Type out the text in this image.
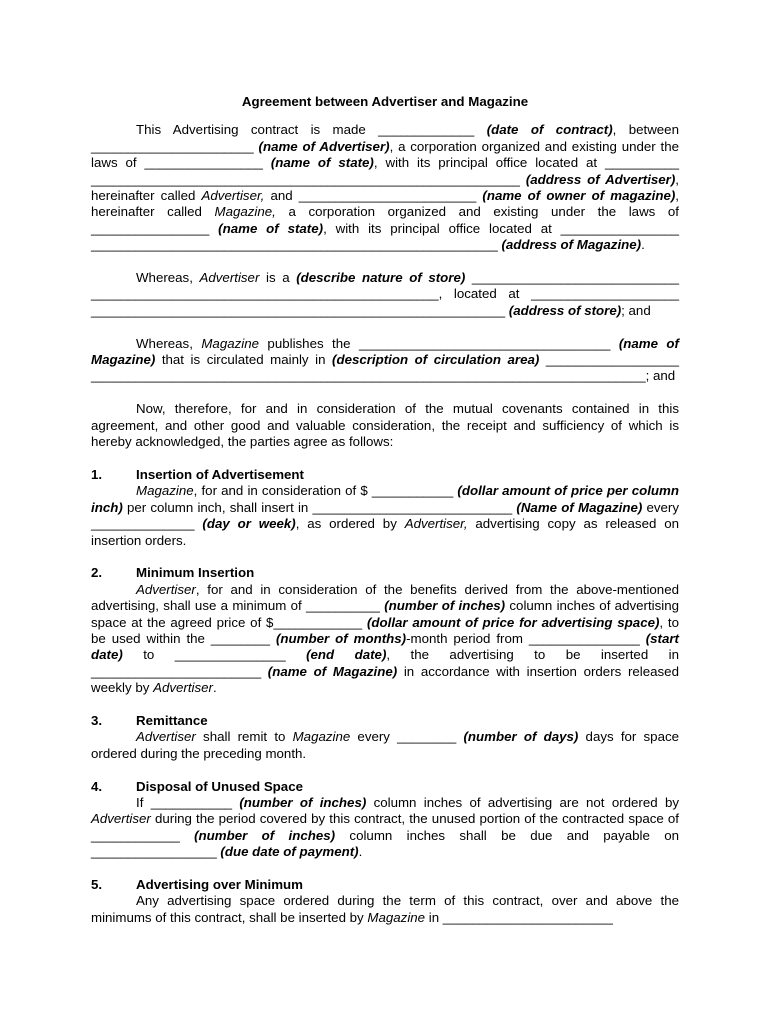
Agreement between Advertiser and Magazine

This Advertising contract is made _____________ (date of contract), between ______________________ (name of Advertiser), a corporation organized and existing under the laws of ________________ (name of state), with its principal office located at __________ __________________________________________________________ (address of Advertiser), hereinafter called Advertiser, and ________________________ (name of owner of magazine), hereinafter called Magazine, a corporation organized and existing under the laws of ________________ (name of state), with its principal office located at ________________ _______________________________________________________ (address of Magazine).

Whereas, Advertiser is a (describe nature of store) ____________________________ _______________________________________________, located at ____________________ ________________________________________________________ (address of store); and

Whereas, Magazine publishes the __________________________________ (name of Magazine) that is circulated mainly in (description of circulation area) __________________ ___________________________________________________________________________; and

Now, therefore, for and in consideration of the mutual covenants contained in this agreement, and other good and valuable consideration, the receipt and sufficiency of which is hereby acknowledged, the parties agree as follows:

1.	Insertion of Advertisement

Magazine, for and in consideration of $ ___________ (dollar amount of price per column inch) per column inch, shall insert in ___________________________ (Name of Magazine) every ______________ (day or week), as ordered by Advertiser, advertising copy as released on insertion orders.

2.	Minimum Insertion

Advertiser, for and in consideration of the benefits derived from the above-mentioned advertising, shall use a minimum of __________ (number of inches) column inches of advertising space at the agreed price of $____________ (dollar amount of price for advertising space), to be used within the ________ (number of months)-month period from _______________ (start date) to _______________ (end date), the advertising to be inserted in _______________________ (name of Magazine) in accordance with insertion orders released weekly by Advertiser.

3.	Remittance

Advertiser shall remit to Magazine every ________ (number of days) days for space ordered during the preceding month.

4.	Disposal of Unused Space

If ___________ (number of inches) column inches of advertising are not ordered by Advertiser during the period covered by this contract, the unused portion of the contracted space of ____________ (number of inches) column inches shall be due and payable on _________________ (due date of payment).

5.	Advertising over Minimum

Any advertising space ordered during the term of this contract, over and above the minimums of this contract, shall be inserted by Magazine in _______________________
